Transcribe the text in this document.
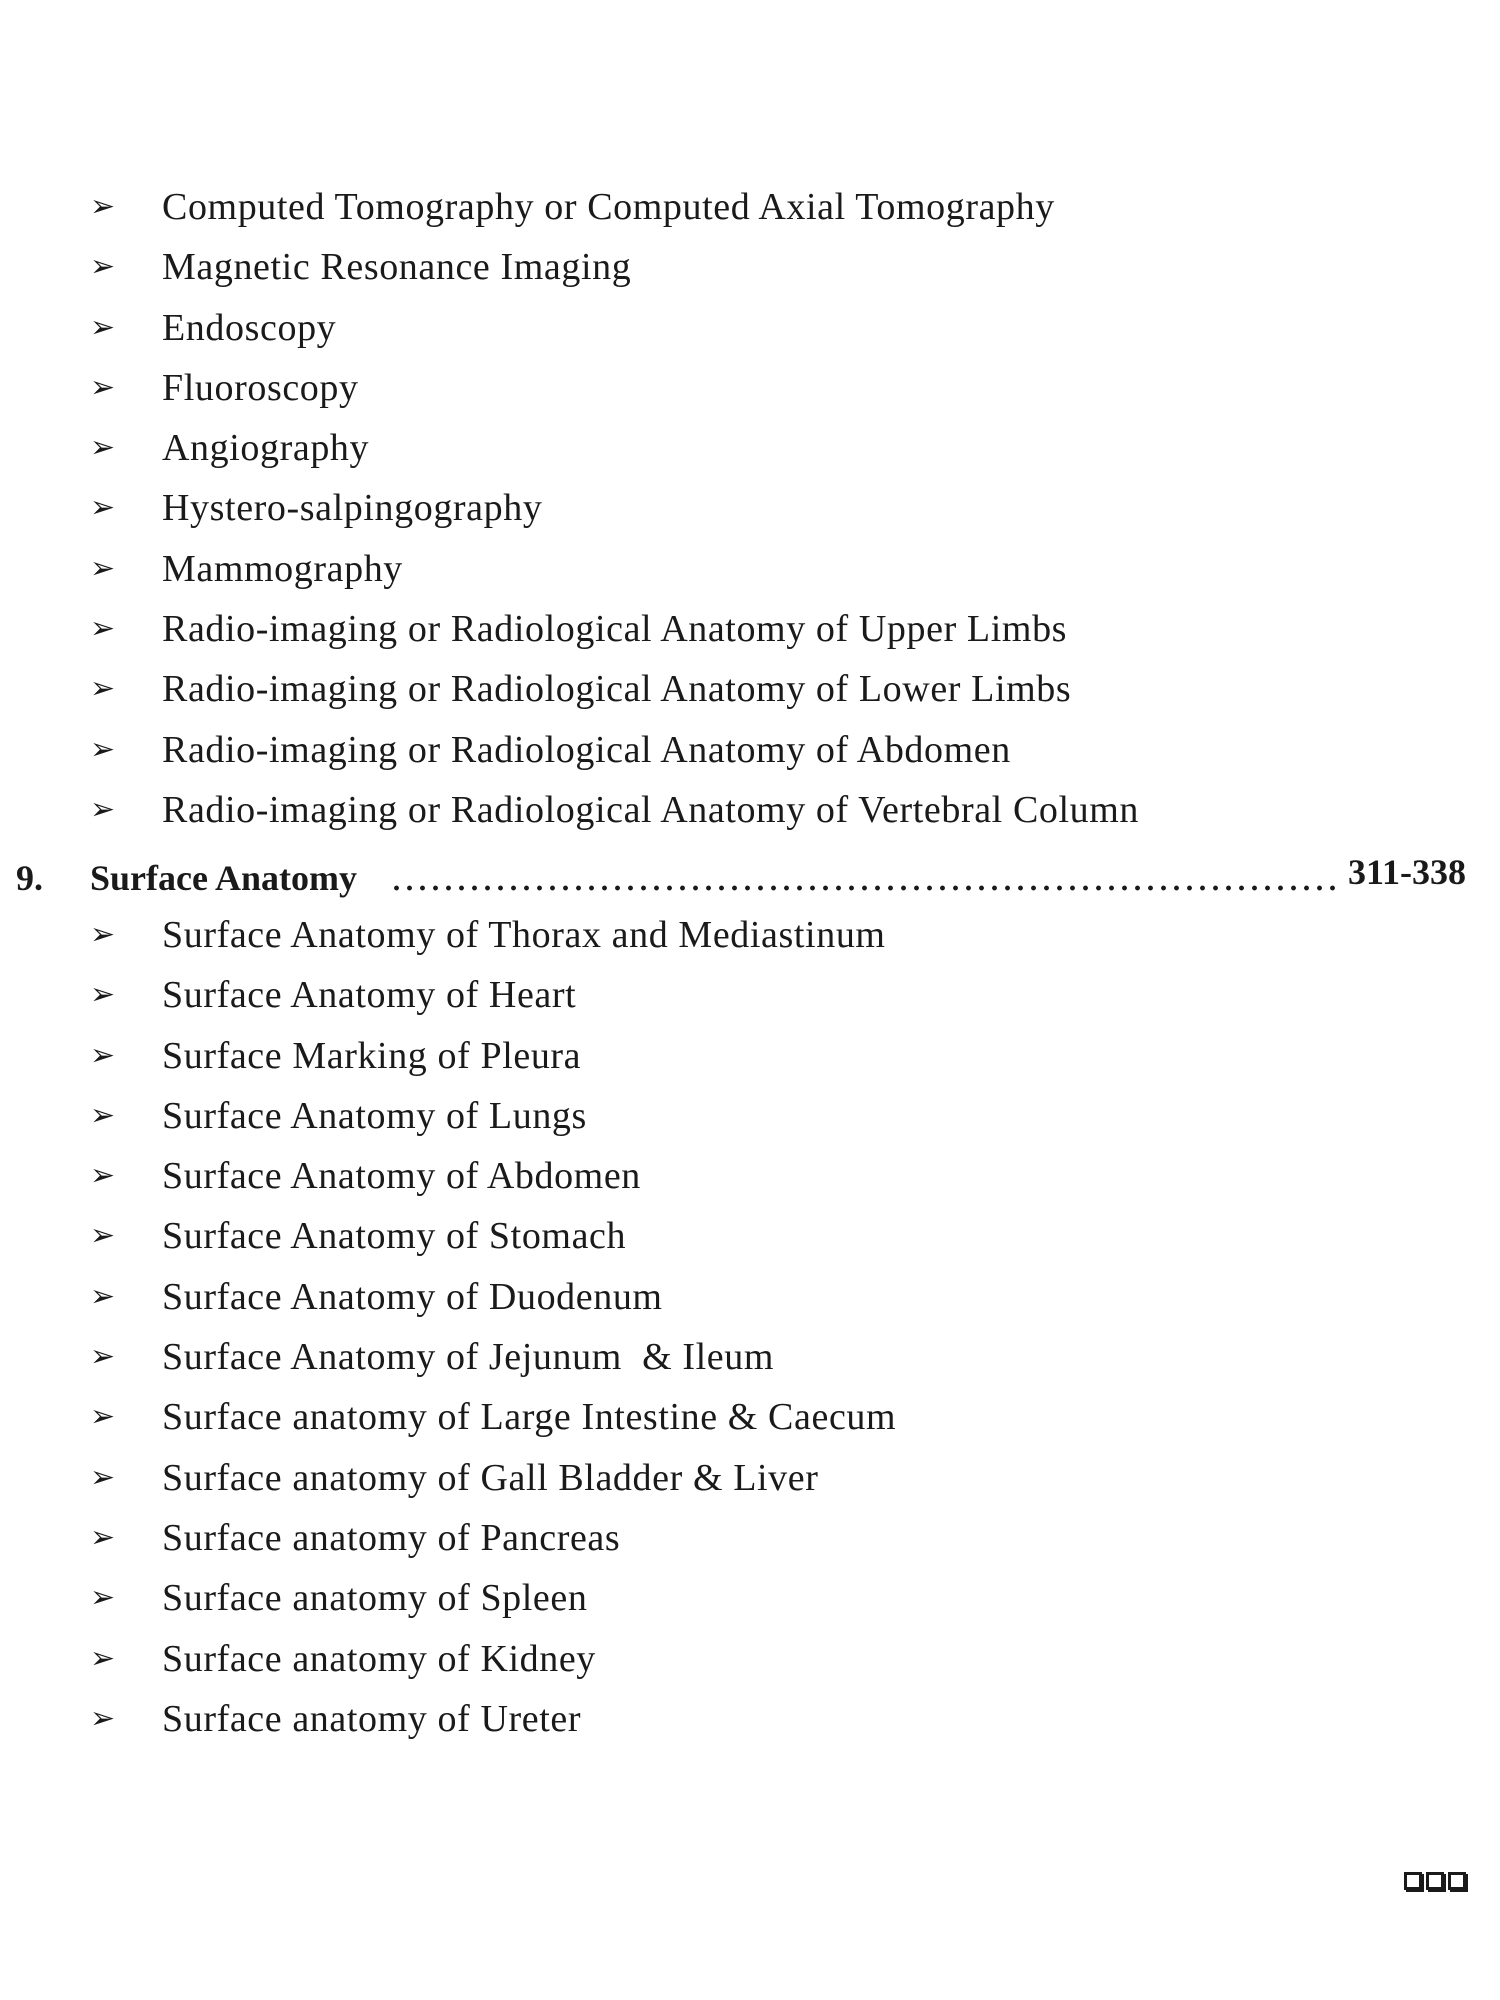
➢ Computed Tomography or Computed Axial Tomography
➢ Magnetic Resonance Imaging
➢ Endoscopy
➢ Fluoroscopy
➢ Angiography
➢ Hystero-salpingography
➢ Mammography
➢ Radio-imaging or Radiological Anatomy of Upper Limbs
➢ Radio-imaging or Radiological Anatomy of Lower Limbs
➢ Radio-imaging or Radiological Anatomy of Abdomen
➢ Radio-imaging or Radiological Anatomy of Vertebral Column
9. Surface Anatomy	311-338
➢ Surface Anatomy of Thorax and Mediastinum
➢ Surface Anatomy of Heart
➢ Surface Marking of Pleura
➢ Surface Anatomy of Lungs
➢ Surface Anatomy of Abdomen
➢ Surface Anatomy of Stomach
➢ Surface Anatomy of Duodenum
➢ Surface Anatomy of Jejunum  & Ileum
➢ Surface anatomy of Large Intestine & Caecum
➢ Surface anatomy of Gall Bladder & Liver
➢ Surface anatomy of Pancreas
➢ Surface anatomy of Spleen
➢ Surface anatomy of Kidney
➢ Surface anatomy of Ureter
